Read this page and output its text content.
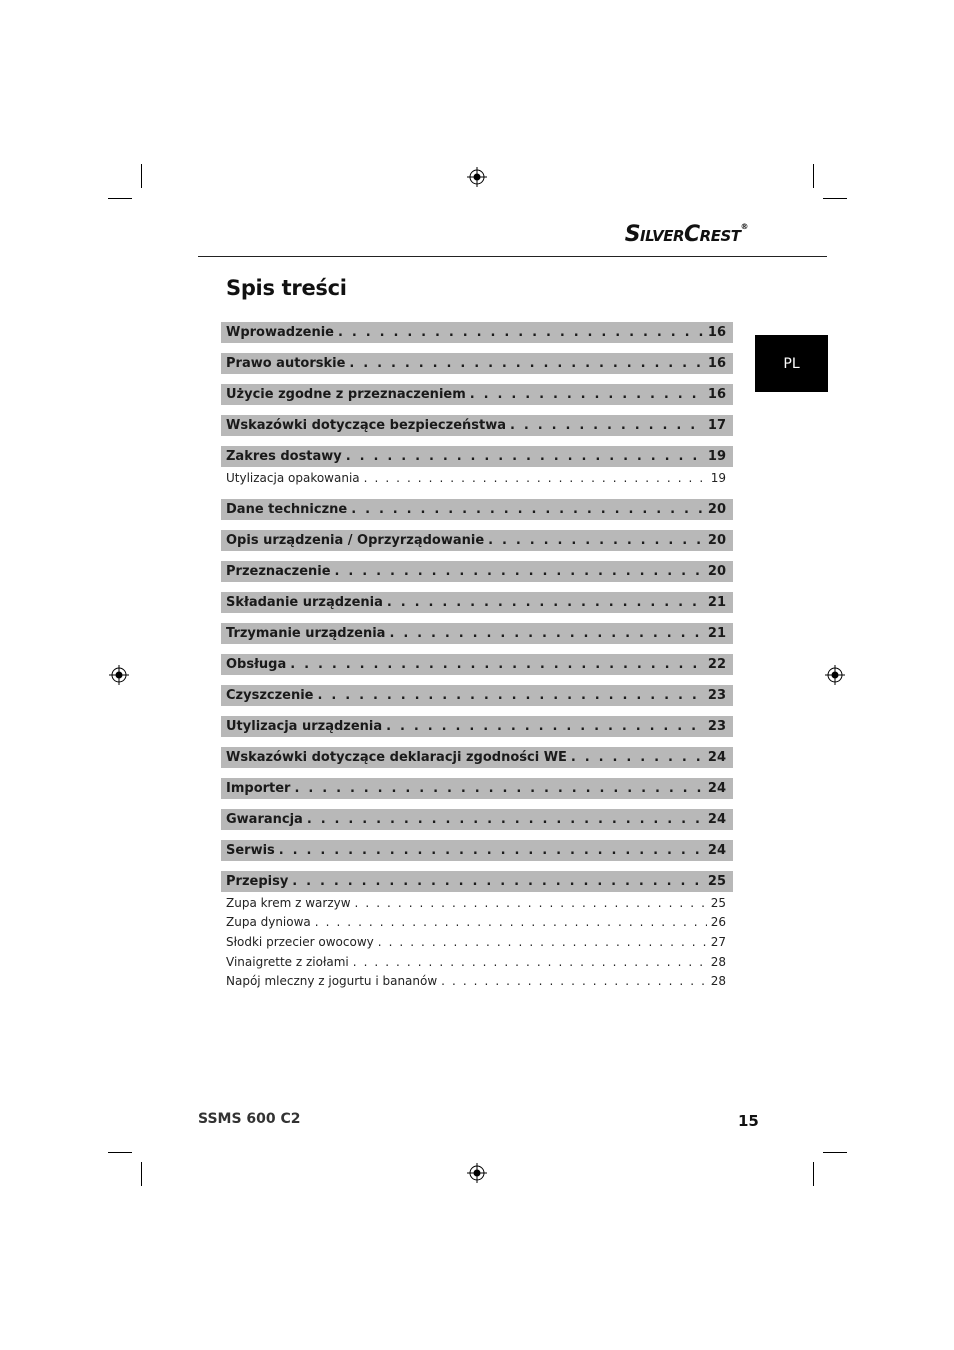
SilverCrest®
Spis treści
PL
Wprowadzenie . . .	16
Prawo autorskie . . .	16
Użycie zgodne z przeznaczeniem . . .	16
Wskazówki dotyczące bezpieczeństwa . . .	17
Zakres dostawy . . .	19
Utylizacja opakowania . . .	19
Dane techniczne . . .	20
Opis urządzenia / Oprzyrządowanie . . .	20
Przeznaczenie . . .	20
Składanie urządzenia . . .	21
Trzymanie urządzenia . . .	21
Obsługa . . .	22
Czyszczenie . . .	23
Utylizacja urządzenia . . .	23
Wskazówki dotyczące deklaracji zgodności WE . . .	24
Importer . . .	24
Gwarancja . . .	24
Serwis . . .	24
Przepisy . . .	25
Zupa krem z warzyw . . .	25
Zupa dyniowa . . .	26
Słodki przecier owocowy . . .	27
Vinaigrette z ziołami . . .	28
Napój mleczny z jogurtu i bananów . . .	28
SSMS 600 C2	15
